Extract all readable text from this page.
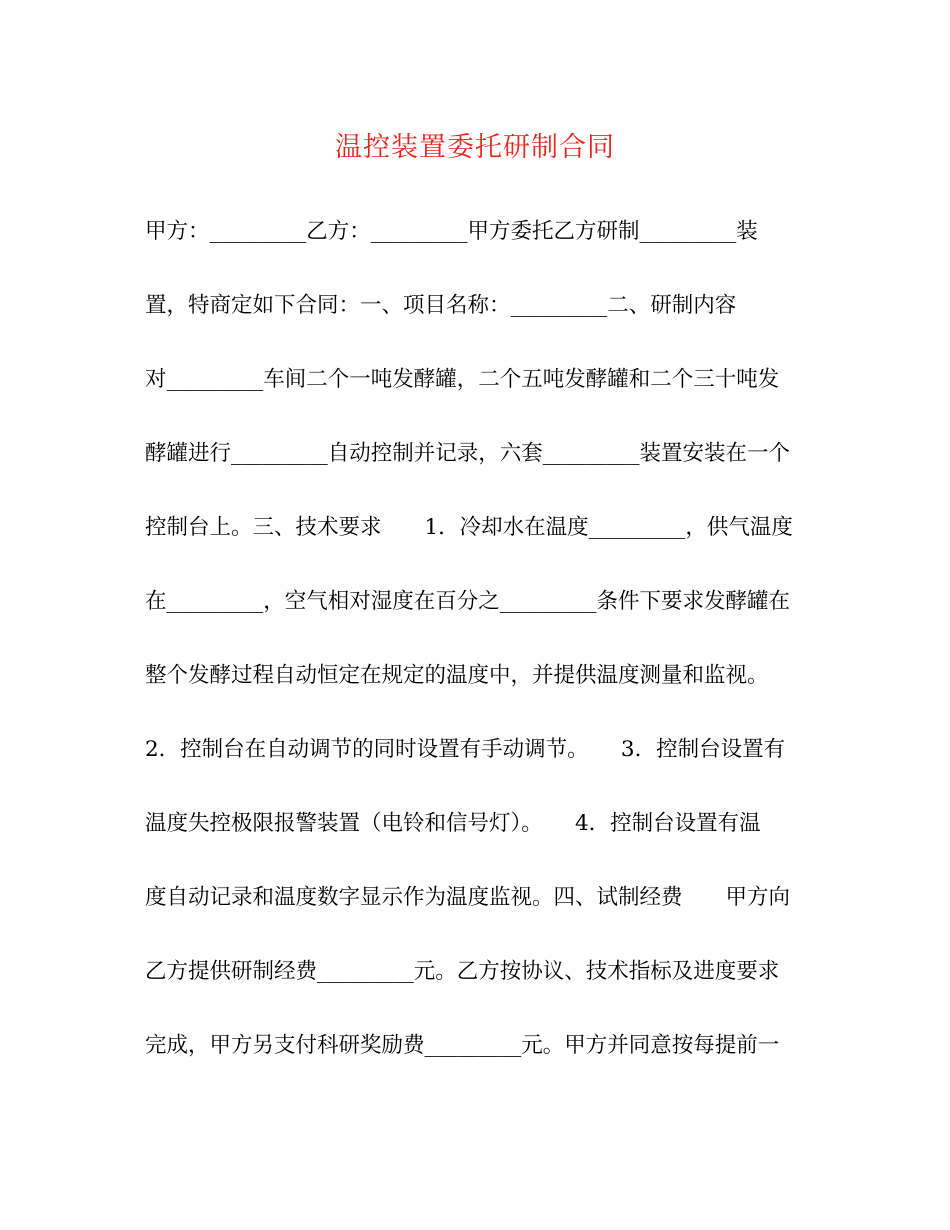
温控装置委托研制合同
甲方：_________乙方：_________甲方委托乙方研制_________装
置，特商定如下合同：一、项目名称：_________二、研制内容
对_________车间二个一吨发酵罐，二个五吨发酵罐和二个三十吨发
酵罐进行_________自动控制并记录，六套_________装置安装在一个
控制台上。三、技术要求　　1．冷却水在温度_________，供气温度
在_________，空气相对湿度在百分之_________条件下要求发酵罐在
整个发酵过程自动恒定在规定的温度中，并提供温度测量和监视。
2．控制台在自动调节的同时设置有手动调节。　　3．控制台设置有
温度失控极限报警装置（电铃和信号灯）。　　4．控制台设置有温
度自动记录和温度数字显示作为温度监视。四、试制经费　　甲方向
乙方提供研制经费_________元。乙方按协议、技术指标及进度要求
完成，甲方另支付科研奖励费_________元。甲方并同意按每提前一
